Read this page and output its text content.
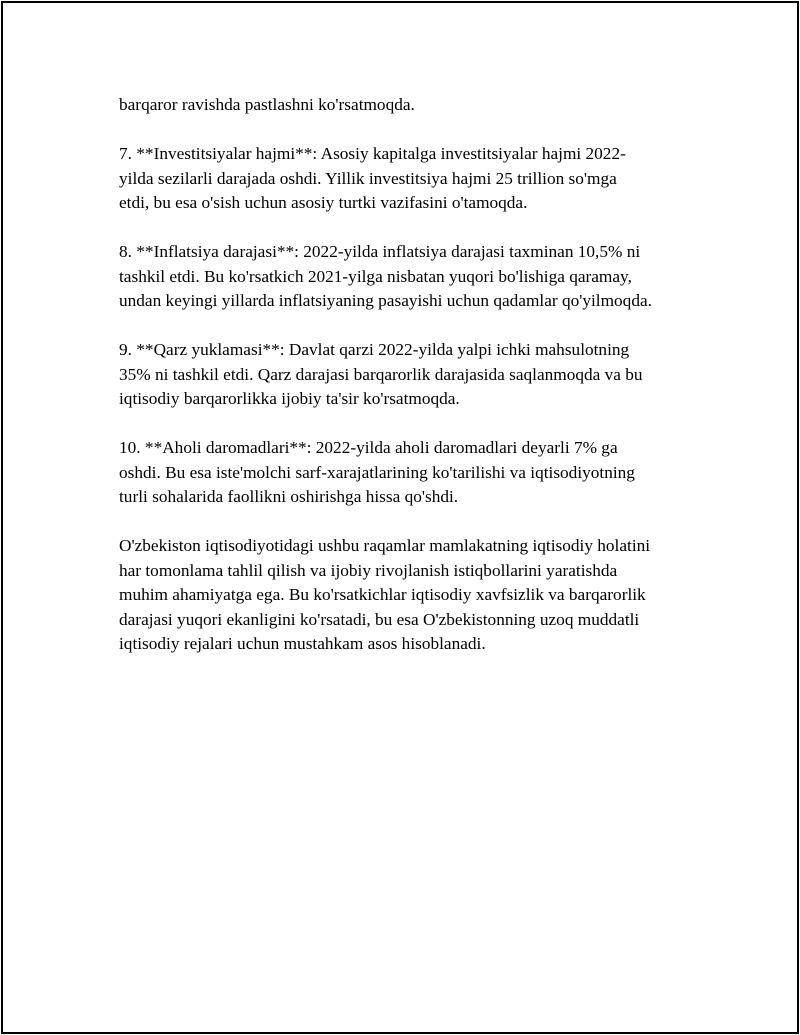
barqaror ravishda pastlashni ko'rsatmoqda.

7. **Investitsiyalar hajmi**: Asosiy kapitalga investitsiyalar hajmi 2022-
yilda sezilarli darajada oshdi. Yillik investitsiya hajmi 25 trillion so'mga
etdi, bu esa o'sish uchun asosiy turtki vazifasini o'tamoqda.

8. **Inflatsiya darajasi**: 2022-yilda inflatsiya darajasi taxminan 10,5% ni
tashkil etdi. Bu ko'rsatkich 2021-yilga nisbatan yuqori bo'lishiga qaramay,
undan keyingi yillarda inflatsiyaning pasayishi uchun qadamlar qo'yilmoqda.

9. **Qarz yuklamasi**: Davlat qarzi 2022-yilda yalpi ichki mahsulotning
35% ni tashkil etdi. Qarz darajasi barqarorlik darajasida saqlanmoqda va bu
iqtisodiy barqarorlikka ijobiy ta'sir ko'rsatmoqda.

10. **Aholi daromadlari**: 2022-yilda aholi daromadlari deyarli 7% ga
oshdi. Bu esa iste'molchi sarf-xarajatlarining ko'tarilishi va iqtisodiyotning
turli sohalarida faollikni oshirishga hissa qo'shdi.

O'zbekiston iqtisodiyotidagi ushbu raqamlar mamlakatning iqtisodiy holatini
har tomonlama tahlil qilish va ijobiy rivojlanish istiqbollarini yaratishda
muhim ahamiyatga ega. Bu ko'rsatkichlar iqtisodiy xavfsizlik va barqarorlik
darajasi yuqori ekanligini ko'rsatadi, bu esa O'zbekistonning uzoq muddatli
iqtisodiy rejalari uchun mustahkam asos hisoblanadi.
